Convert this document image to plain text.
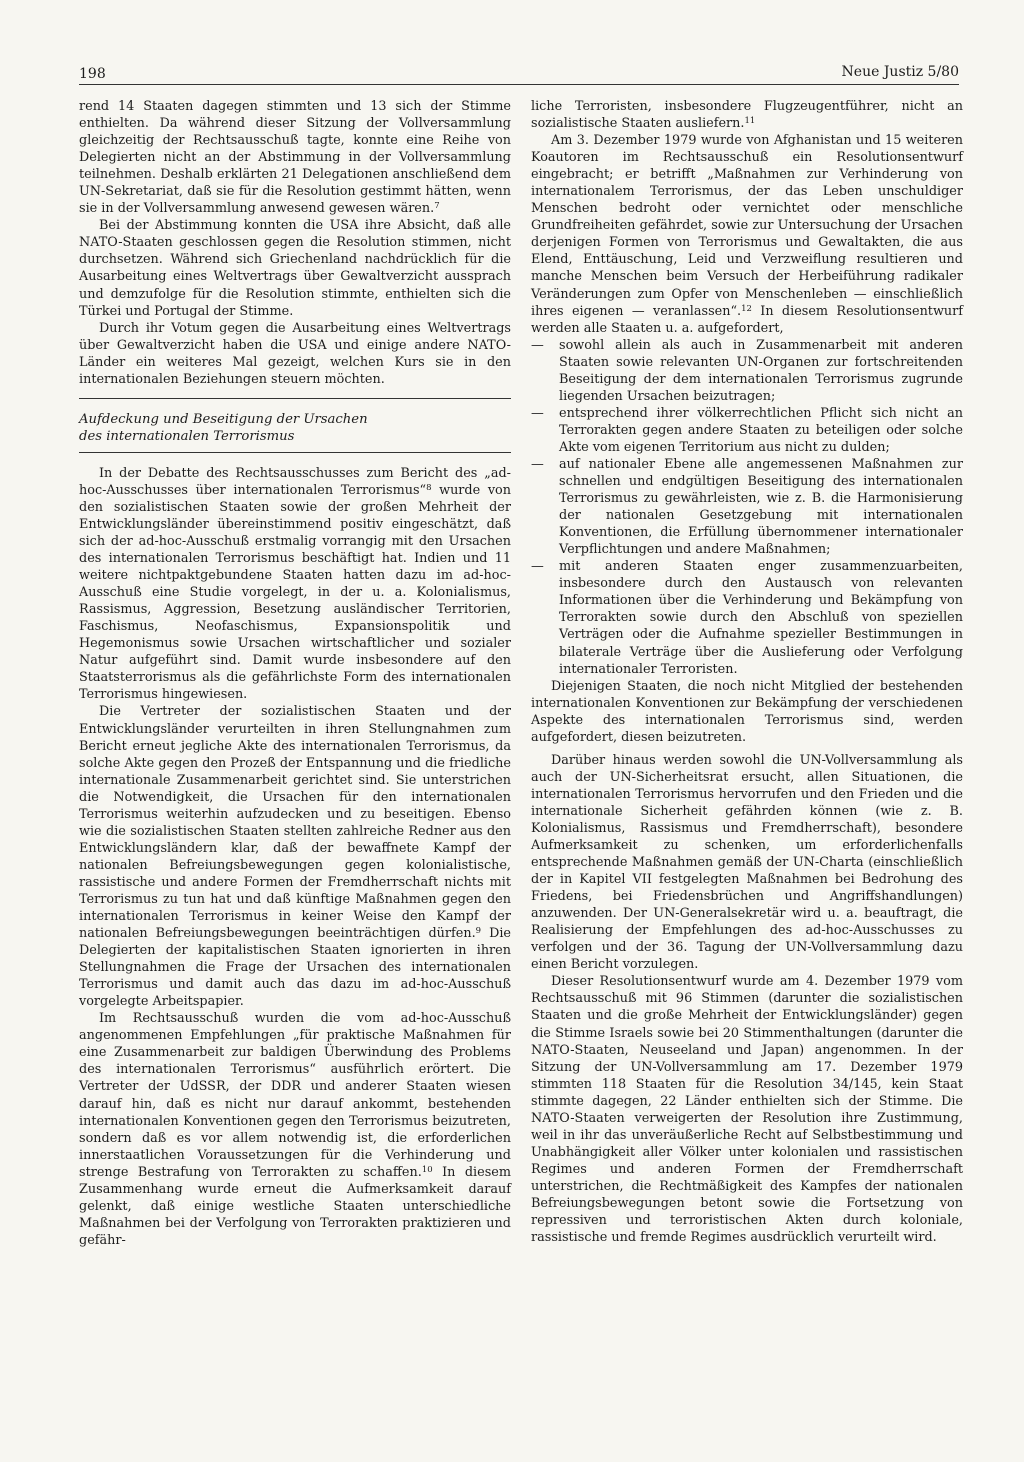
198	Neue Justiz 5/80

rend 14 Staaten dagegen stimmten und 13 sich der Stimme enthielten. Da während dieser Sitzung der Vollversammlung gleichzeitig der Rechtsausschuß tagte, konnte eine Reihe von Delegierten nicht an der Abstimmung in der Vollversammlung teilnehmen. Deshalb erklärten 21 Delegationen anschließend dem UN-Sekretariat, daß sie für die Resolution gestimmt hätten, wenn sie in der Vollversammlung anwesend gewesen wären.$^7$

Bei der Abstimmung konnten die USA ihre Absicht, daß alle NATO-Staaten geschlossen gegen die Resolution stimmen, nicht durchsetzen. Während sich Griechenland nachdrücklich für die Ausarbeitung eines Weltvertrags über Gewaltverzicht aussprach und demzufolge für die Resolution stimmte, enthielten sich die Türkei und Portugal der Stimme.

Durch ihr Votum gegen die Ausarbeitung eines Weltvertrags über Gewaltverzicht haben die USA und einige andere NATO-Länder ein weiteres Mal gezeigt, welchen Kurs sie in den internationalen Beziehungen steuern möchten.

Aufdeckung und Beseitigung der Ursachen
des internationalen Terrorismus

In der Debatte des Rechtsausschusses zum Bericht des „ad-hoc-Ausschusses über internationalen Terrorismus“$^8$ wurde von den sozialistischen Staaten sowie der großen Mehrheit der Entwicklungsländer übereinstimmend positiv eingeschätzt, daß sich der ad-hoc-Ausschuß erstmalig vorrangig mit den Ursachen des internationalen Terrorismus beschäftigt hat. Indien und 11 weitere nichtpaktgebundene Staaten hatten dazu im ad-hoc-Ausschuß eine Studie vorgelegt, in der u. a. Kolonialismus, Rassismus, Aggression, Besetzung ausländischer Territorien, Faschismus, Neofaschismus, Expansionspolitik und Hegemonismus sowie Ursachen wirtschaftlicher und sozialer Natur aufgeführt sind. Damit wurde insbesondere auf den Staatsterrorismus als die gefährlichste Form des internationalen Terrorismus hingewiesen.

Die Vertreter der sozialistischen Staaten und der Entwicklungsländer verurteilten in ihren Stellungnahmen zum Bericht erneut jegliche Akte des internationalen Terrorismus, da solche Akte gegen den Prozeß der Entspannung und die friedliche internationale Zusammenarbeit gerichtet sind. Sie unterstrichen die Notwendigkeit, die Ursachen für den internationalen Terrorismus weiterhin aufzudecken und zu beseitigen. Ebenso wie die sozialistischen Staaten stellten zahlreiche Redner aus den Entwicklungsländern klar, daß der bewaffnete Kampf der nationalen Befreiungsbewegungen gegen kolonialistische, rassistische und andere Formen der Fremdherrschaft nichts mit Terrorismus zu tun hat und daß künftige Maßnahmen gegen den internationalen Terrorismus in keiner Weise den Kampf der nationalen Befreiungsbewegungen beeinträchtigen dürfen.$^9$ Die Delegierten der kapitalistischen Staaten ignorierten in ihren Stellungnahmen die Frage der Ursachen des internationalen Terrorismus und damit auch das dazu im ad-hoc-Ausschuß vorgelegte Arbeitspapier.

Im Rechtsausschuß wurden die vom ad-hoc-Ausschuß angenommenen Empfehlungen „für praktische Maßnahmen für eine Zusammenarbeit zur baldigen Überwindung des Problems des internationalen Terrorismus“ ausführlich erörtert. Die Vertreter der UdSSR, der DDR und anderer Staaten wiesen darauf hin, daß es nicht nur darauf ankommt, bestehenden internationalen Konventionen gegen den Terrorismus beizutreten, sondern daß es vor allem notwendig ist, die erforderlichen innerstaatlichen Voraussetzungen für die Verhinderung und strenge Bestrafung von Terrorakten zu schaffen.$^{10}$ In diesem Zusammenhang wurde erneut die Aufmerksamkeit darauf gelenkt, daß einige westliche Staaten unterschiedliche Maßnahmen bei der Verfolgung von Terrorakten praktizieren und gefähr-

liche Terroristen, insbesondere Flugzeugentführer, nicht an sozialistische Staaten ausliefern.$^{11}$

Am 3. Dezember 1979 wurde von Afghanistan und 15 weiteren Koautoren im Rechtsausschuß ein Resolutionsentwurf eingebracht; er betrifft „Maßnahmen zur Verhinderung von internationalem Terrorismus, der das Leben unschuldiger Menschen bedroht oder vernichtet oder menschliche Grundfreiheiten gefährdet, sowie zur Untersuchung der Ursachen derjenigen Formen von Terrorismus und Gewaltakten, die aus Elend, Enttäuschung, Leid und Verzweiflung resultieren und manche Menschen beim Versuch der Herbeiführung radikaler Veränderungen zum Opfer von Menschenleben — einschließlich ihres eigenen — veranlassen“.$^{12}$ In diesem Resolutionsentwurf werden alle Staaten u. a. aufgefordert,

— sowohl allein als auch in Zusammenarbeit mit anderen Staaten sowie relevanten UN-Organen zur fortschreitenden Beseitigung der dem internationalen Terrorismus zugrunde liegenden Ursachen beizutragen;
— entsprechend ihrer völkerrechtlichen Pflicht sich nicht an Terrorakten gegen andere Staaten zu beteiligen oder solche Akte vom eigenen Territorium aus nicht zu dulden;
— auf nationaler Ebene alle angemessenen Maßnahmen zur schnellen und endgültigen Beseitigung des internationalen Terrorismus zu gewährleisten, wie z. B. die Harmonisierung der nationalen Gesetzgebung mit internationalen Konventionen, die Erfüllung übernommener internationaler Verpflichtungen und andere Maßnahmen;
— mit anderen Staaten enger zusammenzuarbeiten, insbesondere durch den Austausch von relevanten Informationen über die Verhinderung und Bekämpfung von Terrorakten sowie durch den Abschluß von speziellen Verträgen oder die Aufnahme spezieller Bestimmungen in bilaterale Verträge über die Auslieferung oder Verfolgung internationaler Terroristen.

Diejenigen Staaten, die noch nicht Mitglied der bestehenden internationalen Konventionen zur Bekämpfung der verschiedenen Aspekte des internationalen Terrorismus sind, werden aufgefordert, diesen beizutreten.

Darüber hinaus werden sowohl die UN-Vollversammlung als auch der UN-Sicherheitsrat ersucht, allen Situationen, die internationalen Terrorismus hervorrufen und den Frieden und die internationale Sicherheit gefährden können (wie z. B. Kolonialismus, Rassismus und Fremdherrschaft), besondere Aufmerksamkeit zu schenken, um erforderlichenfalls entsprechende Maßnahmen gemäß der UN-Charta (einschließlich der in Kapitel VII festgelegten Maßnahmen bei Bedrohung des Friedens, bei Friedensbrüchen und Angriffshandlungen) anzuwenden. Der UN-Generalsekretär wird u. a. beauftragt, die Realisierung der Empfehlungen des ad-hoc-Ausschusses zu verfolgen und der 36. Tagung der UN-Vollversammlung dazu einen Bericht vorzulegen.

Dieser Resolutionsentwurf wurde am 4. Dezember 1979 vom Rechtsausschuß mit 96 Stimmen (darunter die sozialistischen Staaten und die große Mehrheit der Entwicklungsländer) gegen die Stimme Israels sowie bei 20 Stimmenthaltungen (darunter die NATO-Staaten, Neuseeland und Japan) angenommen. In der Sitzung der UN-Vollversammlung am 17. Dezember 1979 stimmten 118 Staaten für die Resolution 34/145, kein Staat stimmte dagegen, 22 Länder enthielten sich der Stimme. Die NATO-Staaten verweigerten der Resolution ihre Zustimmung, weil in ihr das unveräußerliche Recht auf Selbstbestimmung und Unabhängigkeit aller Völker unter kolonialen und rassistischen Regimes und anderen Formen der Fremdherrschaft unterstrichen, die Rechtmäßigkeit des Kampfes der nationalen Befreiungsbewegungen betont sowie die Fortsetzung von repressiven und terroristischen Akten durch koloniale, rassistische und fremde Regimes ausdrücklich verurteilt wird.
